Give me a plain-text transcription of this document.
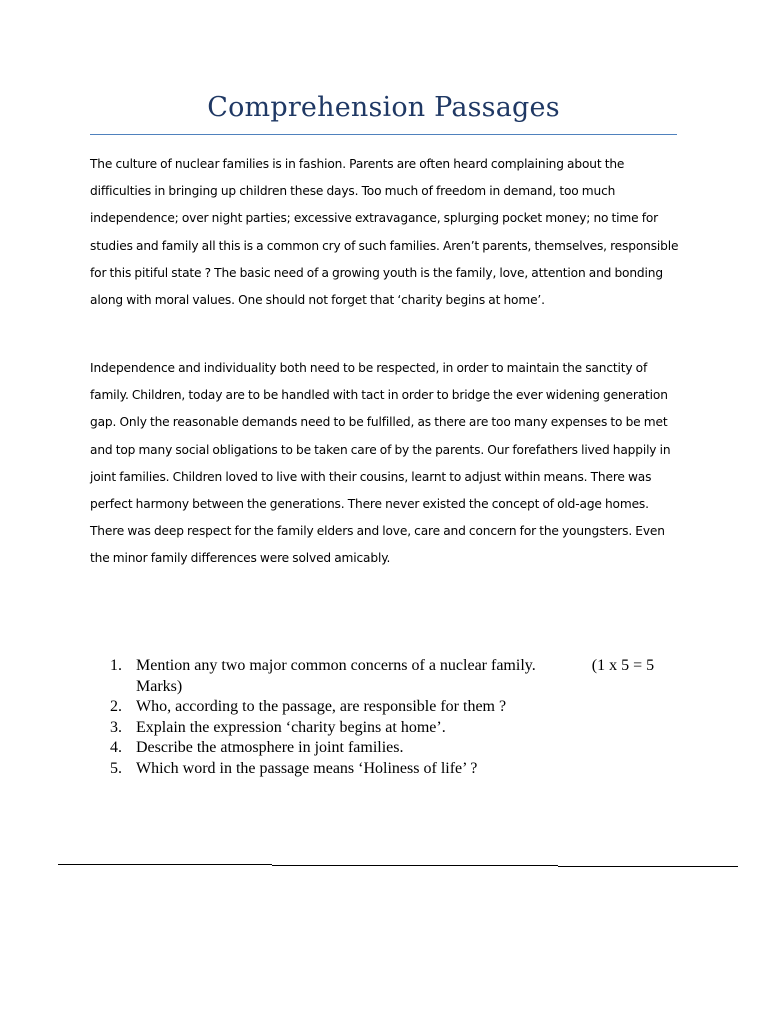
Comprehension Passages

The culture of nuclear families is in fashion. Parents are often heard complaining about the difficulties in bringing up children these days. Too much of freedom in demand, too much independence; over night parties; excessive extravagance, splurging pocket money; no time for studies and family all this is a common cry of such families. Aren’t parents, themselves, responsible for this pitiful state ? The basic need of a growing youth is the family, love, attention and bonding along with moral values. One should not forget that ‘charity begins at home’.

Independence and individuality both need to be respected, in order to maintain the sanctity of family. Children, today are to be handled with tact in order to bridge the ever widening generation gap. Only the reasonable demands need to be fulfilled, as there are too many expenses to be met and top many social obligations to be taken care of by the parents. Our forefathers lived happily in joint families. Children loved to live with their cousins, learnt to adjust within means. There was perfect harmony between the generations. There never existed the concept of old-age homes. There was deep respect for the family elders and love, care and concern for the youngsters. Even the minor family differences were solved amicably.

1. Mention any two major common concerns of a nuclear family.	(1 x 5 = 5 Marks)
2. Who, according to the passage, are responsible for them ?
3. Explain the expression ‘charity begins at home’.
4. Describe the atmosphere in joint families.
5. Which word in the passage means ‘Holiness of life’ ?
